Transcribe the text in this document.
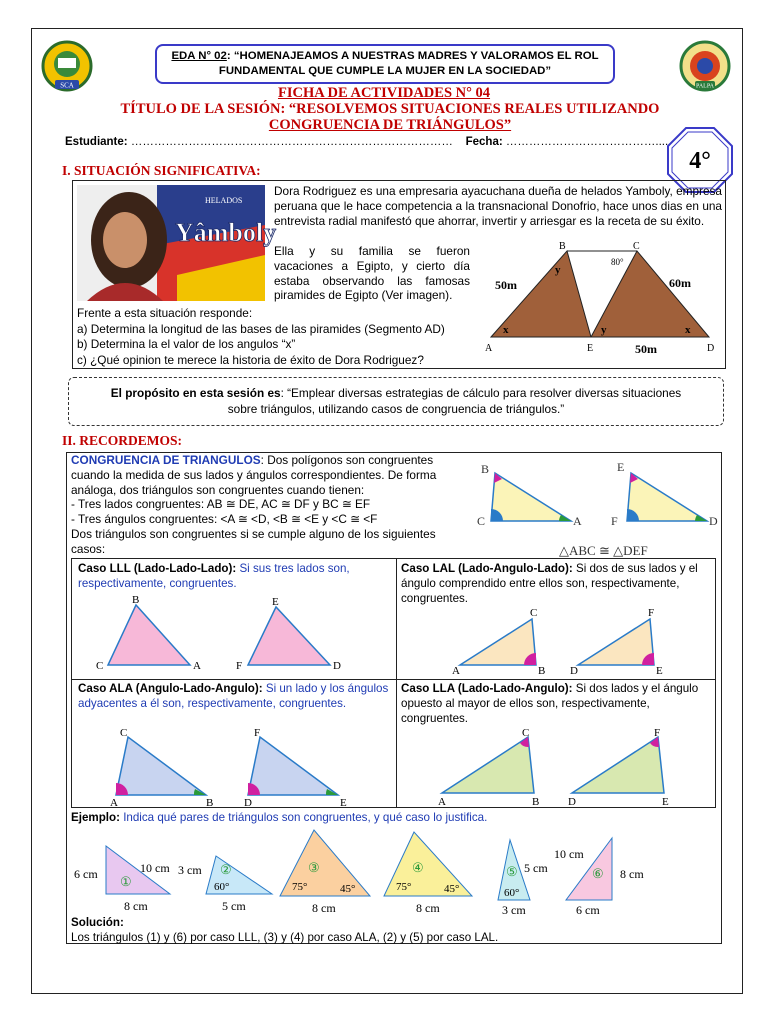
SCA	PALPA
EDA N° 02: “HOMENAJEAMOS A NUESTRAS MADRES Y VALORAMOS EL ROL
FUNDAMENTAL QUE CUMPLE LA MUJER EN LA SOCIEDAD”
FICHA DE ACTIVIDADES N° 04
TÍTULO DE LA SESIÓN: “RESOLVEMOS SITUACIONES REALES UTILIZANDO
CONGRUENCIA DE TRIÁNGULOS”
Estudiante: ………………………………………………………………………… Fecha: ………………………………….....
4°
I. SITUACIÓN SIGNIFICATIVA:
HELADOS
Yâmboly
Dora Rodriguez es una empresaria ayacuchana dueña de helados Yamboly, empresa peruana que le hace competencia a la transnacional Donofrio, hace unos dias en una entrevista radial manifestó que ahorrar, invertir y arriesgar es la receta de su éxito.
Ella y su familia se fueron vacaciones a Egipto, y cierto día estaba observando las famosas piramides de Egipto (Ver imagen).
Frente a esta situación responde:
a) Determina la longitud de las bases de las piramides (Segmento AD)
b) Determina la el valor de los angulos “x”
c) ¿Qué opinion te merece la historia de éxito de Dora Rodriguez?
A
B	C
D
E
x	x
y
y
80°
50m	60m
50m
El propósito en esta sesión es: “Emplear diversas estrategias de cálculo para resolver diversas situaciones sobre triángulos, utilizando casos de congruencia de triángulos.”
II. RECORDEMOS:
CONGRUENCIA DE TRIANGULOS: Dos polígonos son congruentes cuando la medida de sus lados y ángulos correspondientes. De forma análoga, dos triángulos son congruentes cuando tienen:
- Tres lados congruentes: AB ≅ DE, AC ≅ DF y BC ≅ EF
- Tres ángulos congruentes: <A ≅ <D, <B ≅ <E y <C ≅ <F
Dos triángulos son congruentes si se cumple alguno de los siguientes casos:
B
C	A
E
F	D
△ABC ≅ △DEF
Caso LLL (Lado-Lado-Lado): Si sus tres lados son, respectivamente, congruentes.
B
C	A
E
F	D
Caso LAL (Lado-Angulo-Lado): Si dos de sus lados y el ángulo comprendido entre ellos son, respectivamente, congruentes.
C
A	B
F
D	E
Caso ALA (Angulo-Lado-Angulo): Si un lado y los ángulos adyacentes a él son, respectivamente, congruentes.
C
A	B
F
D	E
Caso LLA (Lado-Lado-Angulo): Si dos lados y el ángulo opuesto al mayor de ellos son, respectivamente, congruentes.
C
A	B
F
D	E
Ejemplo: Indica qué pares de triángulos son congruentes, y qué caso lo justifica.
6 cm	10 cm
8 cm
①
3 cm
60°
5 cm
②	③
75°	45°
8 cm
④
75°	45°
8 cm
⑤ 5 cm
60°
3 cm
10 cm
8 cm
6 cm
⑥
Solución:
Los triángulos (1) y (6) por caso LLL, (3) y (4) por caso ALA, (2) y (5) por caso LAL.
